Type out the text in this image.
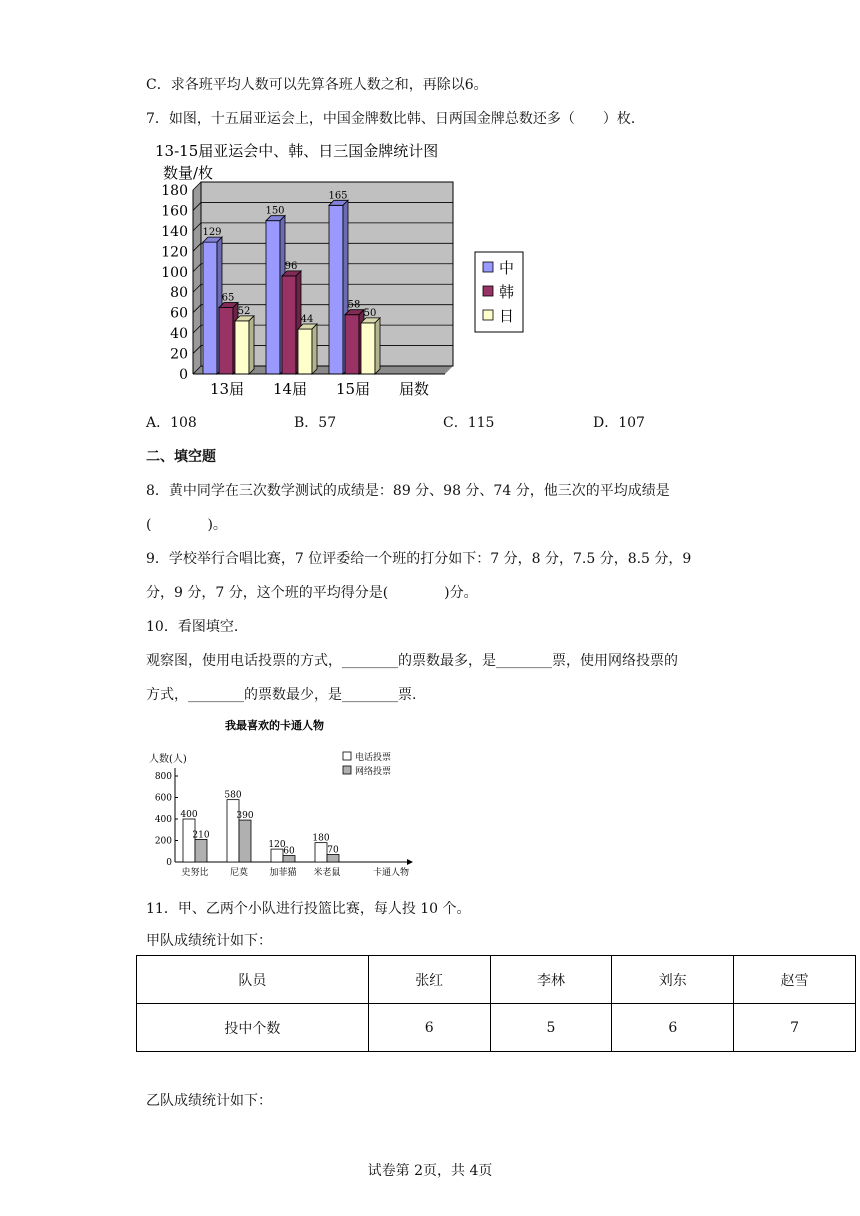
C．求各班平均人数可以先算各班人数之和，再除以6。
7．如图，十五届亚运会上，中国金牌数比韩、日两国金牌总数还多（　　）枚．
13-15届亚运会中、韩、日三国金牌统计图
数量/枚
0
20
40
60
80
100
120
140
160
180
129
65
52
13届
150
96
44
14届
165
58
50
15届 届数
中
韩
日
A．108	B．57	C．115	D．107
二、填空题
8．黄中同学在三次数学测试的成绩是：89 分、98 分、74 分，他三次的平均成绩是
(　　　　)。
9．学校举行合唱比赛，7 位评委给一个班的打分如下：7 分，8 分，7.5 分，8.5 分，9
分，9 分，7 分，这个班的平均得分是(　　　　)分。
10．看图填空.
观察图，使用电话投票的方式，________的票数最多，是________票，使用网络投票的
方式，________的票数最少，是________票.
我最喜欢的卡通人物
人数(人)
0
200
400
600
800
400
210
史努比
580
390
尼莫
120
60
加菲猫
180
70
米老鼠	卡通人物
电话投票
网络投票
11．甲、乙两个小队进行投篮比赛，每人投 10 个。
甲队成绩统计如下：
队员	张红	李林	刘东	赵雪
投中个数	6	5	6	7
乙队成绩统计如下：
试卷第 2页，共 4页
